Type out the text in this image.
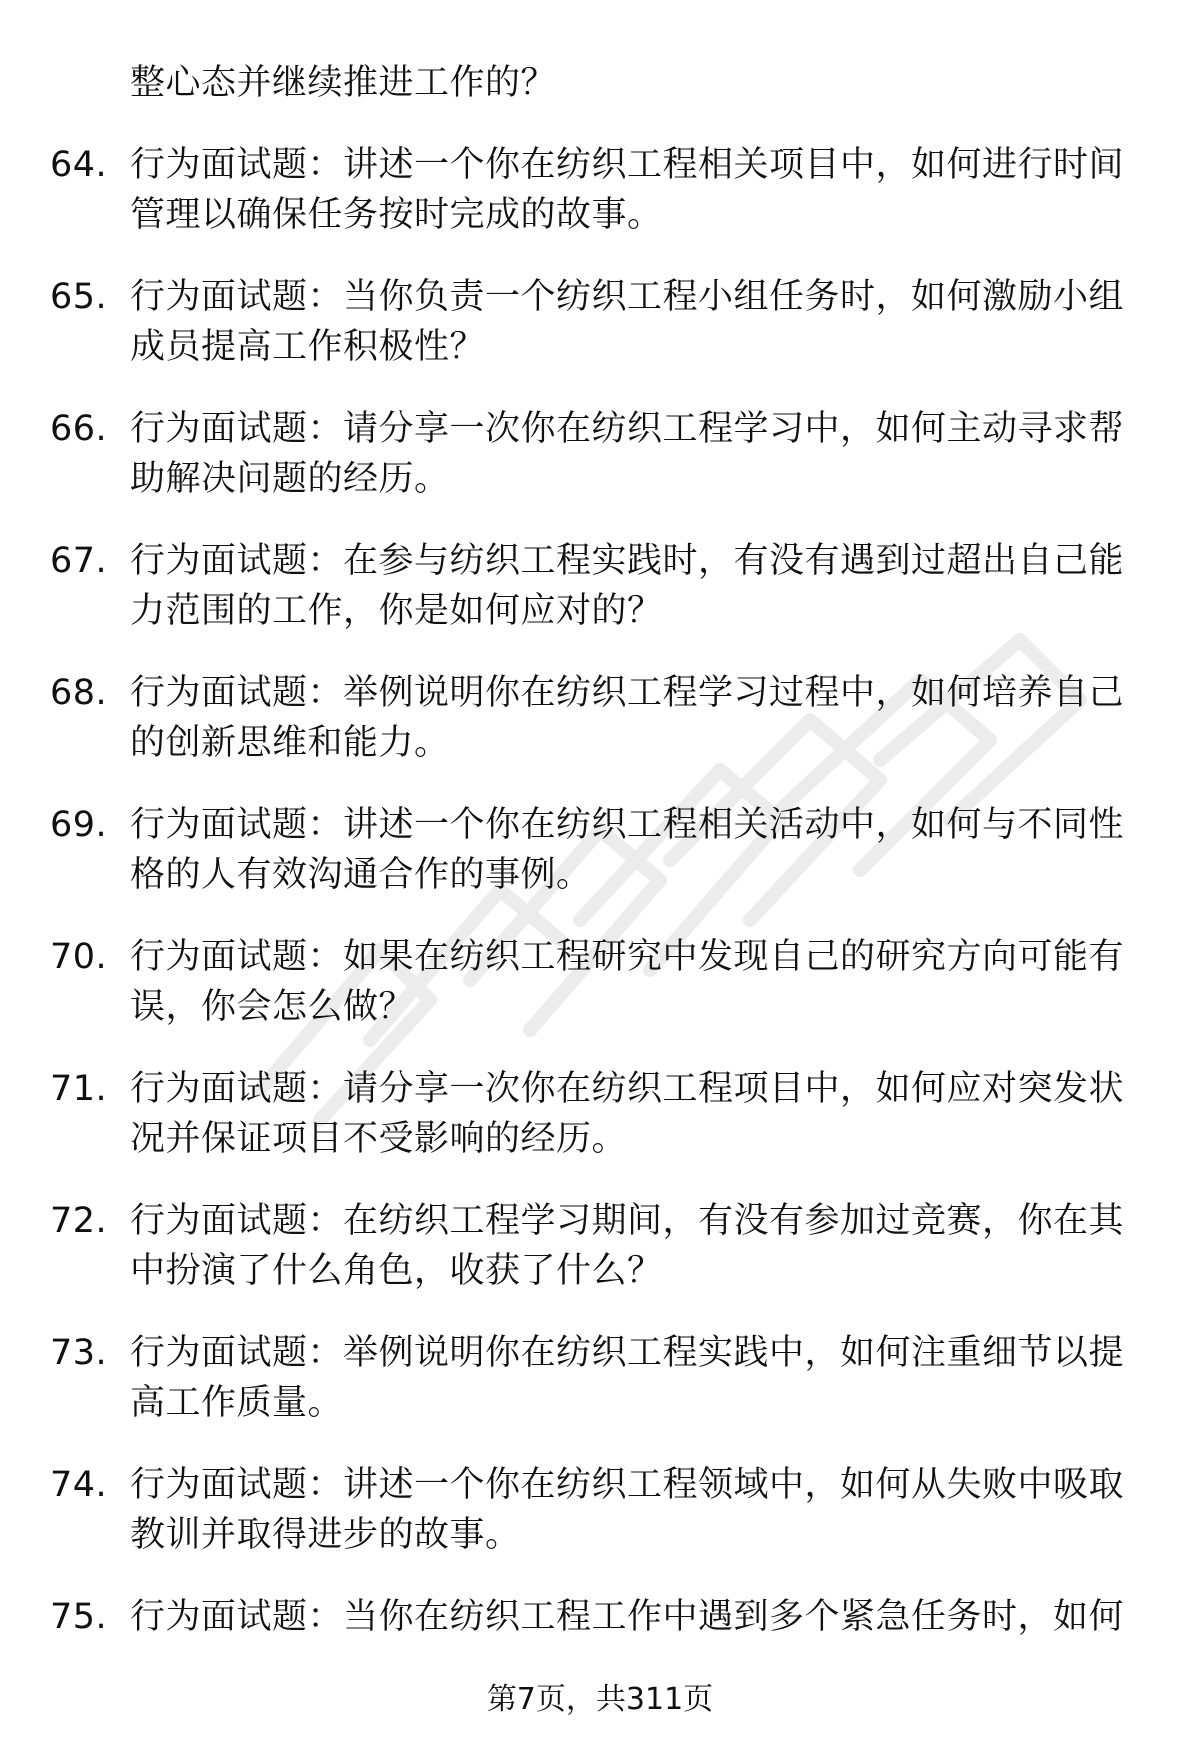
整心态并继续推进工作的？
64. 行为面试题：讲述一个你在纺织工程相关项目中，如何进行时间管理以确保任务按时完成的故事。
65. 行为面试题：当你负责一个纺织工程小组任务时，如何激励小组成员提高工作积极性？
66. 行为面试题：请分享一次你在纺织工程学习中，如何主动寻求帮助解决问题的经历。
67. 行为面试题：在参与纺织工程实践时，有没有遇到过超出自己能力范围的工作，你是如何应对的？
68. 行为面试题：举例说明你在纺织工程学习过程中，如何培养自己的创新思维和能力。
69. 行为面试题：讲述一个你在纺织工程相关活动中，如何与不同性格的人有效沟通合作的事例。
70. 行为面试题：如果在纺织工程研究中发现自己的研究方向可能有误，你会怎么做？
71. 行为面试题：请分享一次你在纺织工程项目中，如何应对突发状况并保证项目不受影响的经历。
72. 行为面试题：在纺织工程学习期间，有没有参加过竞赛，你在其中扮演了什么角色，收获了什么？
73. 行为面试题：举例说明你在纺织工程实践中，如何注重细节以提高工作质量。
74. 行为面试题：讲述一个你在纺织工程领域中，如何从失败中吸取教训并取得进步的故事。
75. 行为面试题：当你在纺织工程工作中遇到多个紧急任务时，如何
第7页，共311页
